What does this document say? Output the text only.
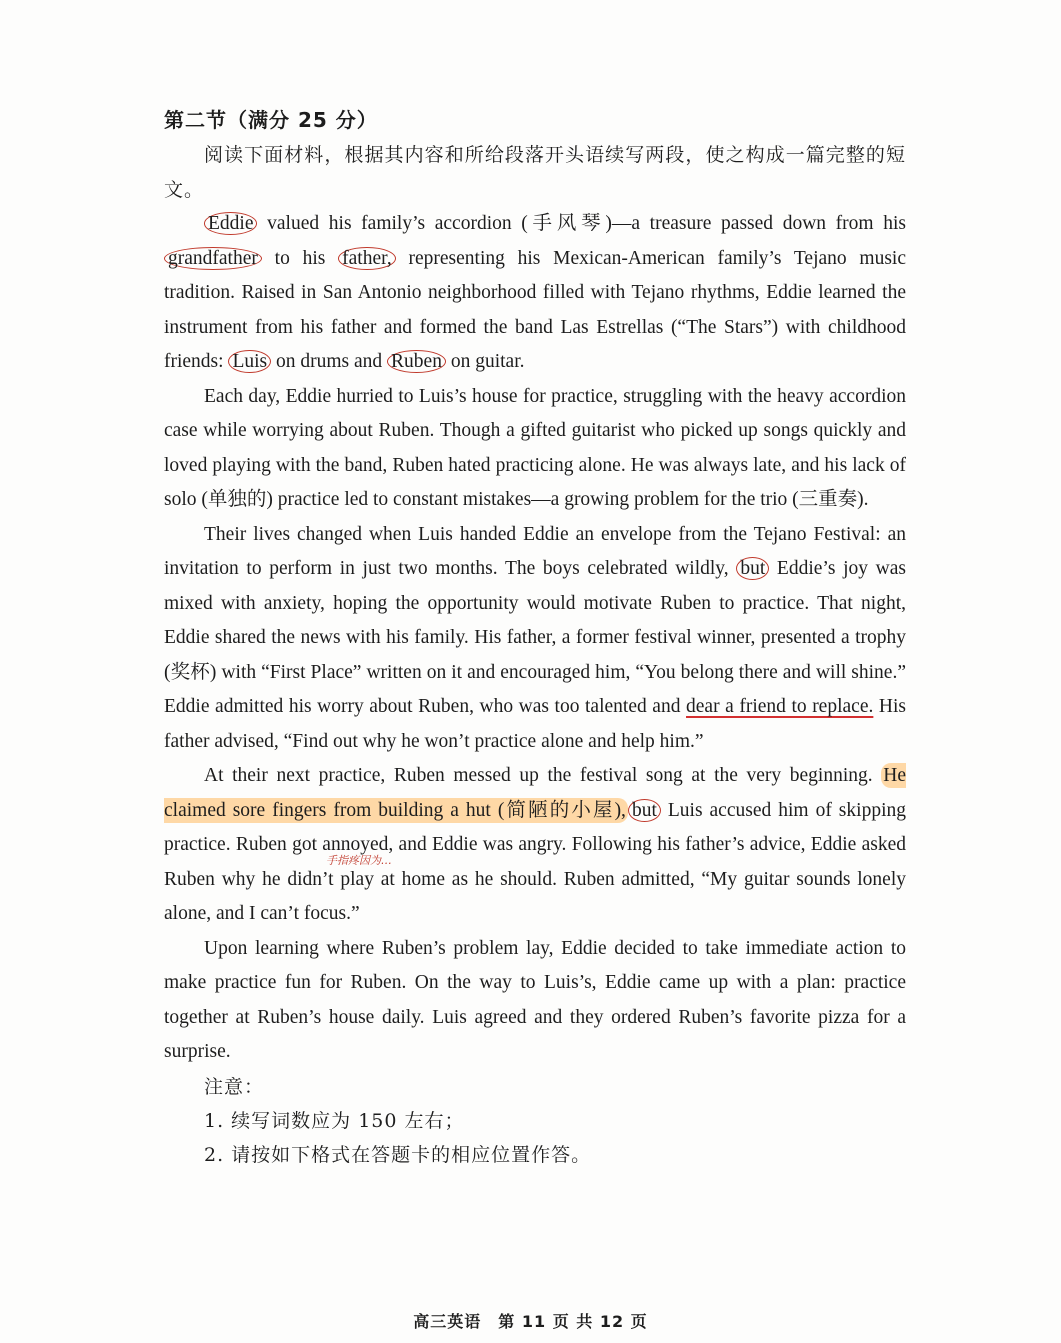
第二节（满分 25 分）

阅读下面材料，根据其内容和所给段落开头语续写两段，使之构成一篇完整的短文。

Eddie valued his family’s accordion (手风琴)—a treasure passed down from his grandfather to his father, representing his Mexican-American family’s Tejano music tradition. Raised in San Antonio neighborhood filled with Tejano rhythms, Eddie learned the instrument from his father and formed the band Las Estrellas (“The Stars”) with childhood friends: Luis on drums and Ruben on guitar.

Each day, Eddie hurried to Luis’s house for practice, struggling with the heavy accordion case while worrying about Ruben. Though a gifted guitarist who picked up songs quickly and loved playing with the band, Ruben hated practicing alone. He was always late, and his lack of solo (单独的) practice led to constant mistakes—a growing problem for the trio (三重奏).

Their lives changed when Luis handed Eddie an envelope from the Tejano Festival: an invitation to perform in just two months. The boys celebrated wildly, but Eddie’s joy was mixed with anxiety, hoping the opportunity would motivate Ruben to practice. That night, Eddie shared the news with his family. His father, a former festival winner, presented a trophy (奖杯) with “First Place” written on it and encouraged him, “You belong there and will shine.” Eddie admitted his worry about Ruben, who was too talented and dear a friend to replace. His father advised, “Find out why he won’t practice alone and help him.”

At their next practice, Ruben messed up the festival song at the very beginning. He claimed sore fingers from building a hut (简陋的小屋), but Luis accused him of skipping practice. Ruben got annoyed, and Eddie was angry. Following his father’s advice, Eddie asked Ruben why he didn’t play at home as he should. Ruben admitted, “My guitar sounds lonely alone, and I can’t focus.”

Upon learning where Ruben’s problem lay, Eddie decided to take immediate action to make practice fun for Ruben. On the way to Luis’s, Eddie came up with a plan: practice together at Ruben’s house daily. Luis agreed and they ordered Ruben’s favorite pizza for a surprise.

注意：

1. 续写词数应为 150 左右；

2. 请按如下格式在答题卡的相应位置作答。

手指疼因为…
高三英语　第 11 页 共 12 页
